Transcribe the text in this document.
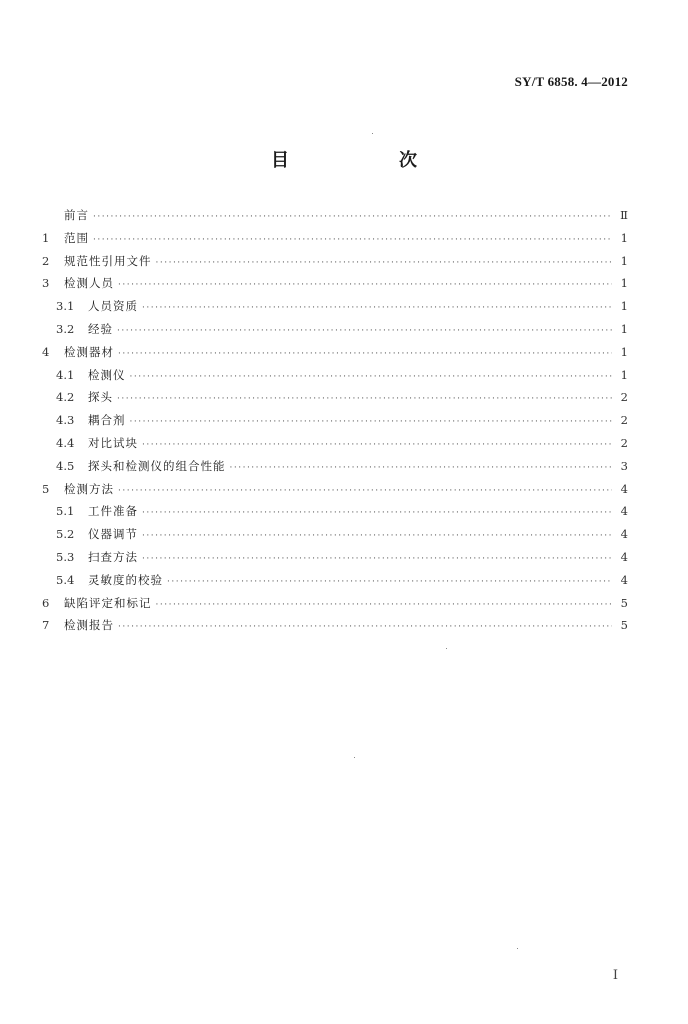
SY/T 6858. 4—2012
目　次
前言 ·····	Ⅱ
1	范围 ·····	1
2	规范性引用文件 ·····	1
3	检测人员 ·····	1
3.1	人员资质 ·····	1
3.2	经验 ·····	1
4	检测器材 ·····	1
4.1	检测仪 ·····	1
4.2	探头 ·····	2
4.3	耦合剂 ·····	2
4.4	对比试块 ·····	2
4.5	探头和检测仪的组合性能 ·····	3
5	检测方法 ·····	4
5.1	工件准备 ·····	4
5.2	仪器调节 ·····	4
5.3	扫查方法 ·····	4
5.4	灵敏度的校验 ·····	4
6	缺陷评定和标记 ·····	5
7	检测报告 ·····	5
I
